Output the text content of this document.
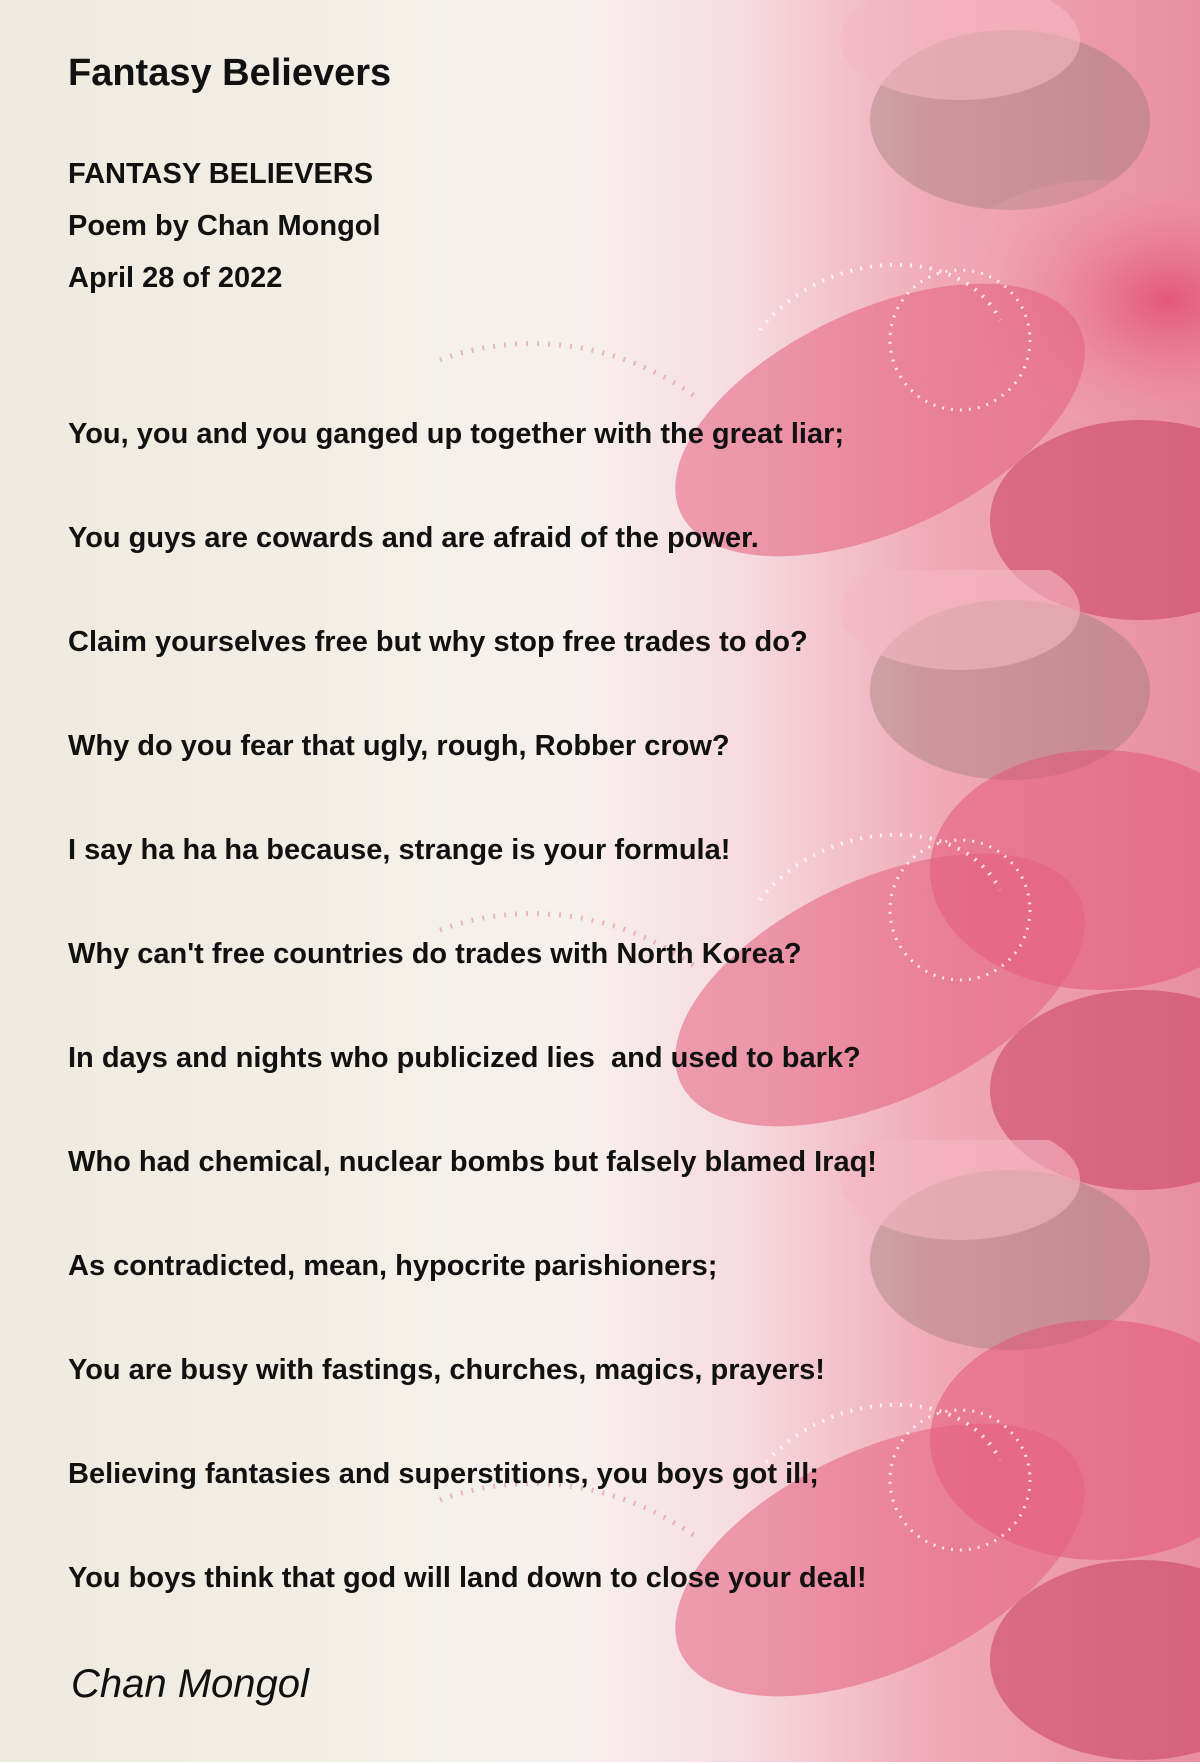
Fantasy Believers

FANTASY BELIEVERS

Poem by Chan Mongol

April 28 of 2022

You, you and you ganged up together with the great liar;

You guys are cowards and are afraid of the power.

Claim yourselves free but why stop free trades to do?

Why do you fear that ugly, rough, Robber crow?

I say ha ha ha because, strange is your formula!

Why can't free countries do trades with North Korea?

In days and nights who publicized lies  and used to bark?

Who had chemical, nuclear bombs but falsely blamed Iraq!

As contradicted, mean, hypocrite parishioners;

You are busy with fastings, churches, magics, prayers!

Believing fantasies and superstitions, you boys got ill;

You boys think that god will land down to close your deal!

Chan Mongol
